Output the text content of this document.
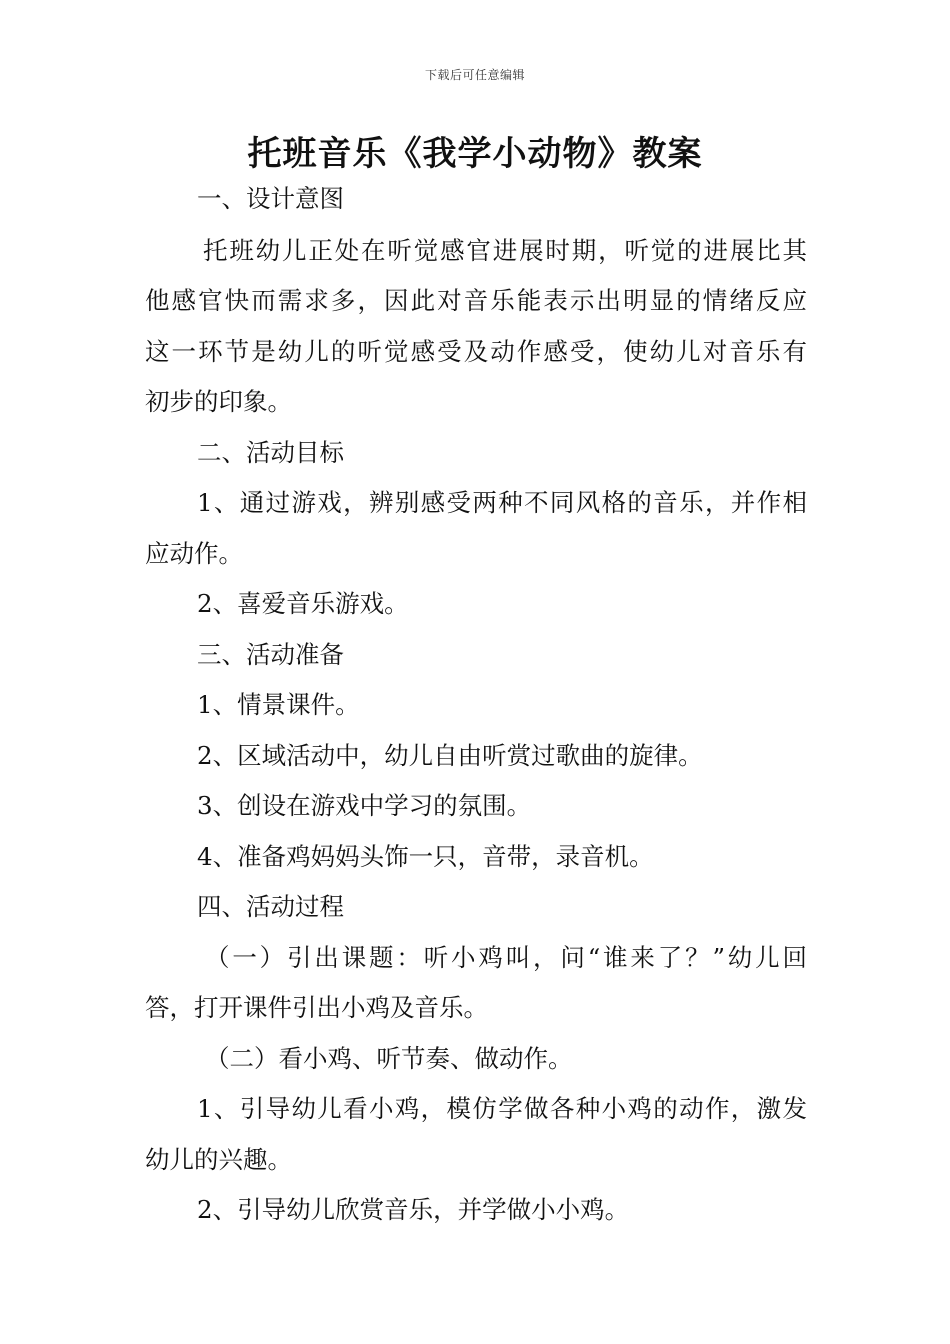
下载后可任意编辑
托班音乐《我学小动物》教案
一、设计意图
托班幼儿正处在听觉感官进展时期，听觉的进展比其
他感官快而需求多，因此对音乐能表示出明显的情绪反应
这一环节是幼儿的听觉感受及动作感受，使幼儿对音乐有
初步的印象。
二、活动目标
1、通过游戏，辨别感受两种不同风格的音乐，并作相
应动作。
2、喜爱音乐游戏。
三、活动准备
1、情景课件。
2、区域活动中，幼儿自由听赏过歌曲的旋律。
3、创设在游戏中学习的氛围。
4、准备鸡妈妈头饰一只，音带，录音机。
四、活动过程
（一）引出课题：听小鸡叫，问“谁来了？”幼儿回
答，打开课件引出小鸡及音乐。
（二）看小鸡、听节奏、做动作。
1、引导幼儿看小鸡，模仿学做各种小鸡的动作，激发
幼儿的兴趣。
2、引导幼儿欣赏音乐，并学做小小鸡。
